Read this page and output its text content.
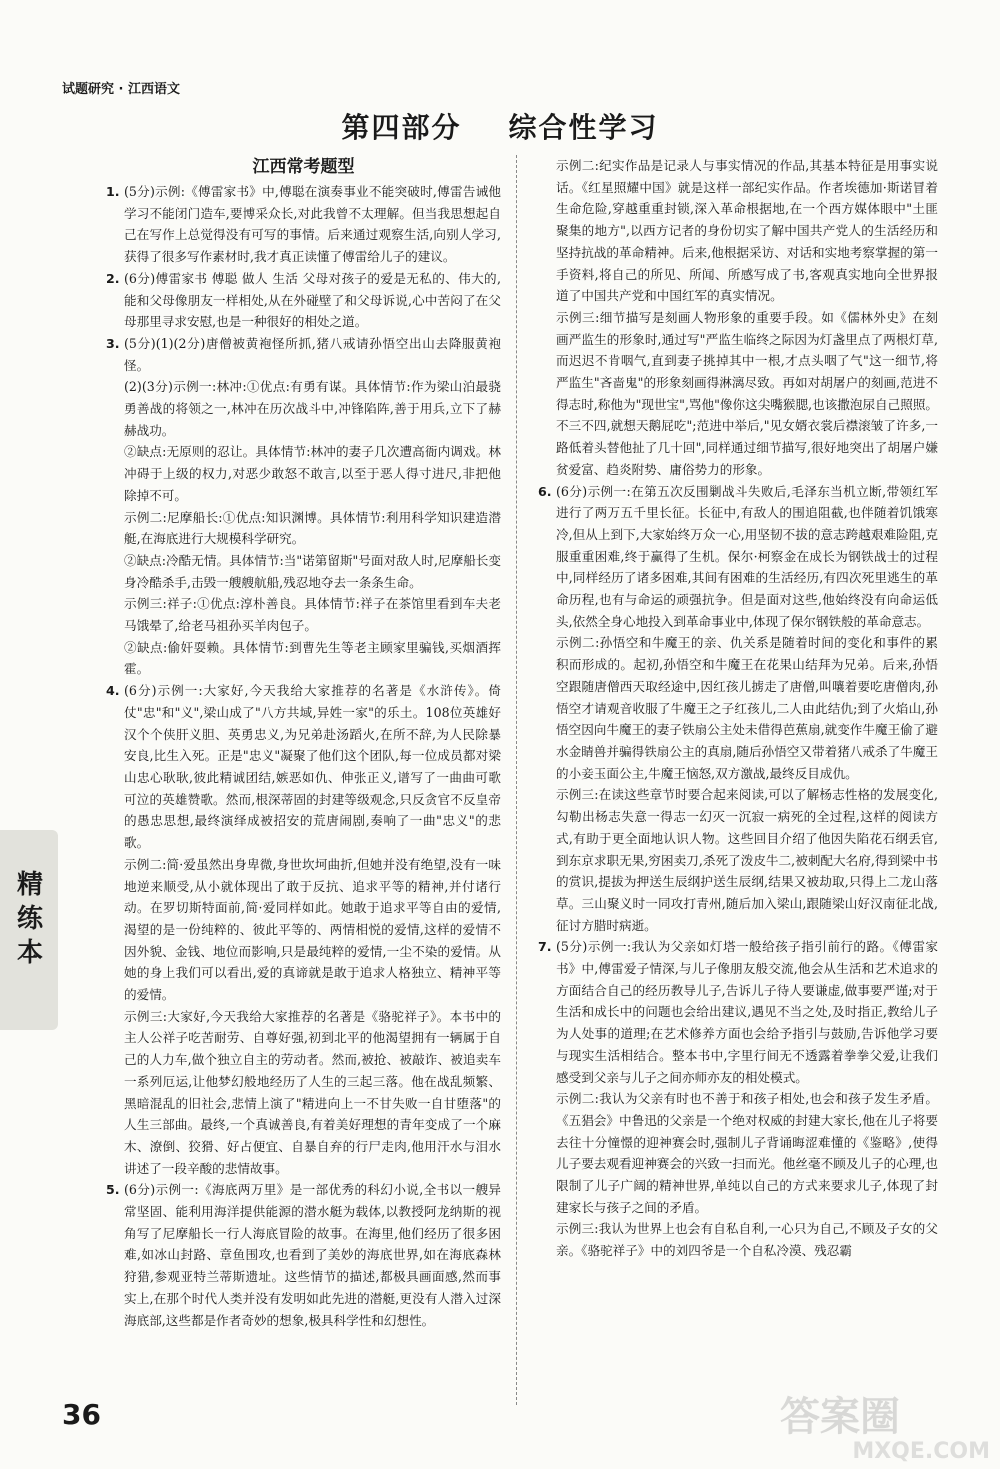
试题研究 · 江西语文
第四部分    综合性学习
江西常考题型

1. (5分)示例:《傅雷家书》中,傅聪在演奏事业不能突破时,傅雷告诫他学习不能闭门造车,要博采众长,对此我曾不太理解。但当我思想起自己在写作上总觉得没有可写的事情。后来通过观察生活,向别人学习,获得了很多写作素材时,我才真正读懂了傅雷给儿子的建议。

2. (6分)傅雷家书 傅聪 做人 生活 父母对孩子的爱是无私的、伟大的,能和父母像朋友一样相处,从在外碰壁了和父母诉说,心中苦闷了在父母那里寻求安慰,也是一种很好的相处之道。

3. (5分)(1)(2分)唐僧被黄袍怪所抓,猪八戒请孙悟空出山去降服黄袍怪。

(2)(3分)示例一:林冲:①优点:有勇有谋。具体情节:作为梁山泊最骁勇善战的将领之一,林冲在历次战斗中,冲锋陷阵,善于用兵,立下了赫赫战功。

②缺点:无原则的忍让。具体情节:林冲的妻子几次遭高衙内调戏。林冲碍于上级的权力,对恶少敢怒不敢言,以至于恶人得寸进尺,非把他除掉不可。

示例二:尼摩船长:①优点:知识渊博。具体情节:利用科学知识建造潜艇,在海底进行大规模科学研究。

②缺点:冷酷无情。具体情节:当"诺第留斯"号面对敌人时,尼摩船长变身冷酷杀手,击毁一艘艘航船,残忍地夺去一条条生命。

示例三:祥子:①优点:淳朴善良。具体情节:祥子在茶馆里看到车夫老马饿晕了,给老马祖孙买羊肉包子。

②缺点:偷奸耍赖。具体情节:到曹先生等老主顾家里骗钱,买烟酒挥霍。

4. (6分)示例一:大家好,今天我给大家推荐的名著是《水浒传》。倚仗"忠"和"义",梁山成了"八方共域,异姓一家"的乐土。108位英雄好汉个个侠肝义胆、英勇忠义,为兄弟赴汤蹈火,在所不辞,为人民除暴安良,比生入死。正是"忠义"凝聚了他们这个团队,每一位成员都对梁山忠心耿耿,彼此精诚团结,嫉恶如仇、伸张正义,谱写了一曲曲可歌可泣的英雄赞歌。然而,根深蒂固的封建等级观念,只反贪官不反皇帝的愚忠思想,最终演绎成被招安的荒唐闹剧,奏响了一曲"忠义"的悲歌。

示例二:简·爱虽然出身卑微,身世坎坷曲折,但她并没有绝望,没有一味地逆来顺受,从小就体现出了敢于反抗、追求平等的精神,并付诸行动。在罗切斯特面前,简·爱同样如此。她敢于追求平等自由的爱情,渴望的是一份纯粹的、彼此平等的、两情相悦的爱情,这样的爱情不因外貌、金钱、地位而影响,只是最纯粹的爱情,一尘不染的爱情。从她的身上我们可以看出,爱的真谛就是敢于追求人格独立、精神平等的爱情。

示例三:大家好,今天我给大家推荐的名著是《骆驼祥子》。本书中的主人公祥子吃苦耐劳、自尊好强,初到北平的他渴望拥有一辆属于自己的人力车,做个独立自主的劳动者。然而,被抢、被敲诈、被追卖车一系列厄运,让他梦幻般地经历了人生的三起三落。他在战乱频繁、黑暗混乱的旧社会,悲情上演了"精进向上一不甘失败一自甘堕落"的人生三部曲。最终,一个真诚善良,有着美好理想的青年变成了一个麻木、潦倒、狡猾、好占便宜、自暴自弃的行尸走肉,他用汗水与泪水讲述了一段辛酸的悲情故事。

5. (6分)示例一:《海底两万里》是一部优秀的科幻小说,全书以一艘异常坚固、能利用海洋提供能源的潜水艇为载体,以教授阿龙纳斯的视角写了尼摩船长一行人海底冒险的故事。在海里,他们经历了很多困难,如冰山封路、章鱼围攻,也看到了美妙的海底世界,如在海底森林狩猎,参观亚特兰蒂斯遗址。这些情节的描述,都极具画面感,然而事实上,在那个时代人类并没有发明如此先进的潜艇,更没有人潜入过深海底部,这些都是作者奇妙的想象,极具科学性和幻想性。

示例二:纪实作品是记录人与事实情况的作品,其基本特征是用事实说话。《红星照耀中国》就是这样一部纪实作品。作者埃德加·斯诺冒着生命危险,穿越重重封锁,深入革命根据地,在一个西方媒体眼中"土匪聚集的地方",以西方记者的身份切实了解中国共产党人的生活经历和坚持抗战的革命精神。后来,他根据采访、对话和实地考察掌握的第一手资料,将自己的所见、所闻、所感写成了书,客观真实地向全世界报道了中国共产党和中国红军的真实情况。

示例三:细节描写是刻画人物形象的重要手段。如《儒林外史》在刻画严监生的形象时,通过写"严监生临终之际因为灯盏里点了两根灯草,而迟迟不肯咽气,直到妻子挑掉其中一根,才点头咽了气"这一细节,将严监生"吝啬鬼"的形象刻画得淋漓尽致。再如对胡屠户的刻画,范进不得志时,称他为"现世宝",骂他"像你这尖嘴猴腮,也该撒泡尿自己照照。不三不四,就想天鹅屁吃";范进中举后,"见女婿衣裳后襟滚皱了许多,一路低着头替他扯了几十回",同样通过细节描写,很好地突出了胡屠户嫌贫爱富、趋炎附势、庸俗势力的形象。

6. (6分)示例一:在第五次反围剿战斗失败后,毛泽东当机立断,带领红军进行了两万五千里长征。长征中,有敌人的围追阻截,也伴随着饥饿寒冷,但从上到下,大家始终万众一心,用坚韧不拔的意志跨越艰难险阻,克服重重困难,终于赢得了生机。保尔·柯察金在成长为钢铁战士的过程中,同样经历了诸多困难,其间有困难的生活经历,有四次死里逃生的革命历程,也有与命运的顽强抗争。但是面对这些,他始终没有向命运低头,依然全身心地投入到革命事业中,体现了保尔钢铁般的革命意志。

示例二:孙悟空和牛魔王的亲、仇关系是随着时间的变化和事件的累积而形成的。起初,孙悟空和牛魔王在花果山结拜为兄弟。后来,孙悟空跟随唐僧西天取经途中,因红孩儿掳走了唐僧,叫嚷着要吃唐僧肉,孙悟空才请观音收服了牛魔王之子红孩儿,二人由此结仇;到了火焰山,孙悟空因向牛魔王的妻子铁扇公主处未借得芭蕉扇,就变作牛魔王偷了避水金睛兽并骗得铁扇公主的真扇,随后孙悟空又带着猪八戒杀了牛魔王的小妾玉面公主,牛魔王恼怒,双方激战,最终反目成仇。

示例三:在读这些章节时要合起来阅读,可以了解杨志性格的发展变化,勾勒出杨志失意一得志一幻灭一沉寂一病死的全过程,这样的阅读方式,有助于更全面地认识人物。这些回目介绍了他因失陷花石纲丢官,到东京求职无果,穷困卖刀,杀死了泼皮牛二,被刺配大名府,得到梁中书的赏识,提拔为押送生辰纲护送生辰纲,结果又被劫取,只得上二龙山落草。三山聚义时一同攻打青州,随后加入梁山,跟随梁山好汉南征北战,征讨方腊时病逝。

7. (5分)示例一:我认为父亲如灯塔一般给孩子指引前行的路。《傅雷家书》中,傅雷爱子情深,与儿子像朋友般交流,他会从生活和艺术追求的方面结合自己的经历教导儿子,告诉儿子待人要谦虚,做事要严谨;对于生活和成长中的问题也会给出建议,遇见不当之处,及时指正,教给儿子为人处事的道理;在艺术修养方面也会给予指引与鼓励,告诉他学习要与现实生活相结合。整本书中,字里行间无不透露着拳拳父爱,让我们感受到父亲与儿子之间亦师亦友的相处模式。

示例二:我认为父亲有时也不善于和孩子相处,也会和孩子发生矛盾。《五猖会》中鲁迅的父亲是一个绝对权威的封建大家长,他在儿子将要去往十分憧憬的迎神赛会时,强制儿子背诵晦涩难懂的《鉴略》,使得儿子要去观看迎神赛会的兴致一扫而光。他丝毫不顾及儿子的心理,也限制了儿子广阔的精神世界,单纯以自己的方式来要求儿子,体现了封建家长与孩子之间的矛盾。

示例三:我认为世界上也会有自私自利,一心只为自己,不顾及子女的父亲。《骆驼祥子》中的刘四爷是一个自私冷漠、残忍霸

精
练
本
36	答案圈
MXQE.COM
